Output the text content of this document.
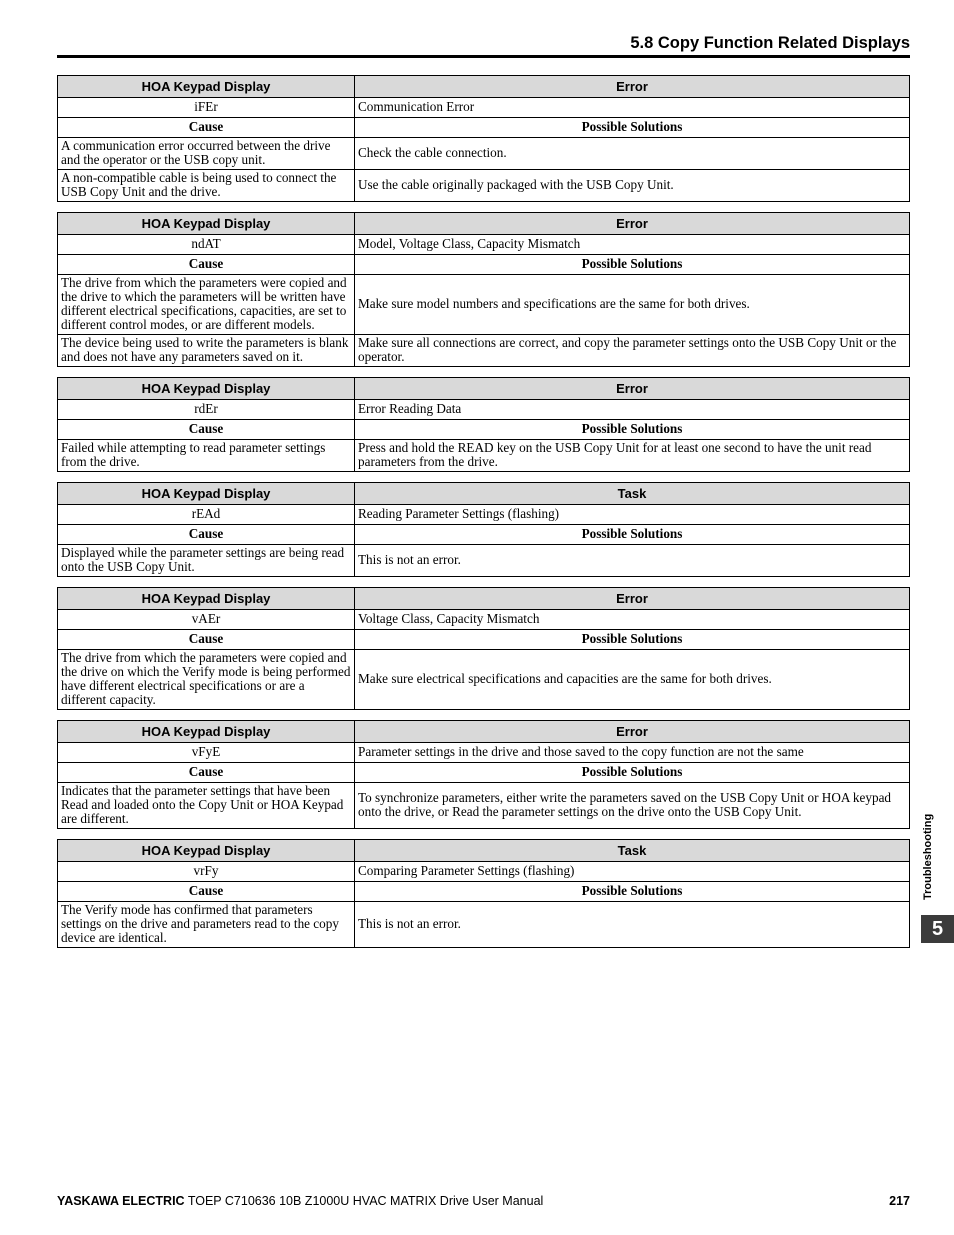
5.8 Copy Function Related Displays
HOA Keypad Display	Error
iFEr	Communication Error
Cause	Possible Solutions
A communication error occurred between the drive and the operator or the USB copy unit.	Check the cable connection.
A non-compatible cable is being used to connect the USB Copy Unit and the drive.	Use the cable originally packaged with the USB Copy Unit.
HOA Keypad Display	Error
ndAT	Model, Voltage Class, Capacity Mismatch
Cause	Possible Solutions
The drive from which the parameters were copied and the drive to which the parameters will be written have different electrical specifications, capacities, are set to different control modes, or are different models.	Make sure model numbers and specifications are the same for both drives.
The device being used to write the parameters is blank and does not have any parameters saved on it.	Make sure all connections are correct, and copy the parameter settings onto the USB Copy Unit or the operator.
HOA Keypad Display	Error
rdEr	Error Reading Data
Cause	Possible Solutions
Failed while attempting to read parameter settings from the drive.	Press and hold the READ key on the USB Copy Unit for at least one second to have the unit read parameters from the drive.
HOA Keypad Display	Task
rEAd	Reading Parameter Settings (flashing)
Cause	Possible Solutions
Displayed while the parameter settings are being read onto the USB Copy Unit.	This is not an error.
HOA Keypad Display	Error
vAEr	Voltage Class, Capacity Mismatch
Cause	Possible Solutions
The drive from which the parameters were copied and the drive on which the Verify mode is being performed have different electrical specifications or are a different capacity.	Make sure electrical specifications and capacities are the same for both drives.
HOA Keypad Display	Error
vFyE	Parameter settings in the drive and those saved to the copy function are not the same
Cause	Possible Solutions
Indicates that the parameter settings that have been Read and loaded onto the Copy Unit or HOA Keypad are different.	To synchronize parameters, either write the parameters saved on the USB Copy Unit or HOA keypad onto the drive, or Read the parameter settings on the drive onto the USB Copy Unit.
HOA Keypad Display	Task
vrFy	Comparing Parameter Settings (flashing)
Cause	Possible Solutions
The Verify mode has confirmed that parameters settings on the drive and parameters read to the copy device are identical.	This is not an error.
Troubleshooting
5
YASKAWA ELECTRIC TOEP C710636 10B Z1000U HVAC MATRIX Drive User Manual	217
